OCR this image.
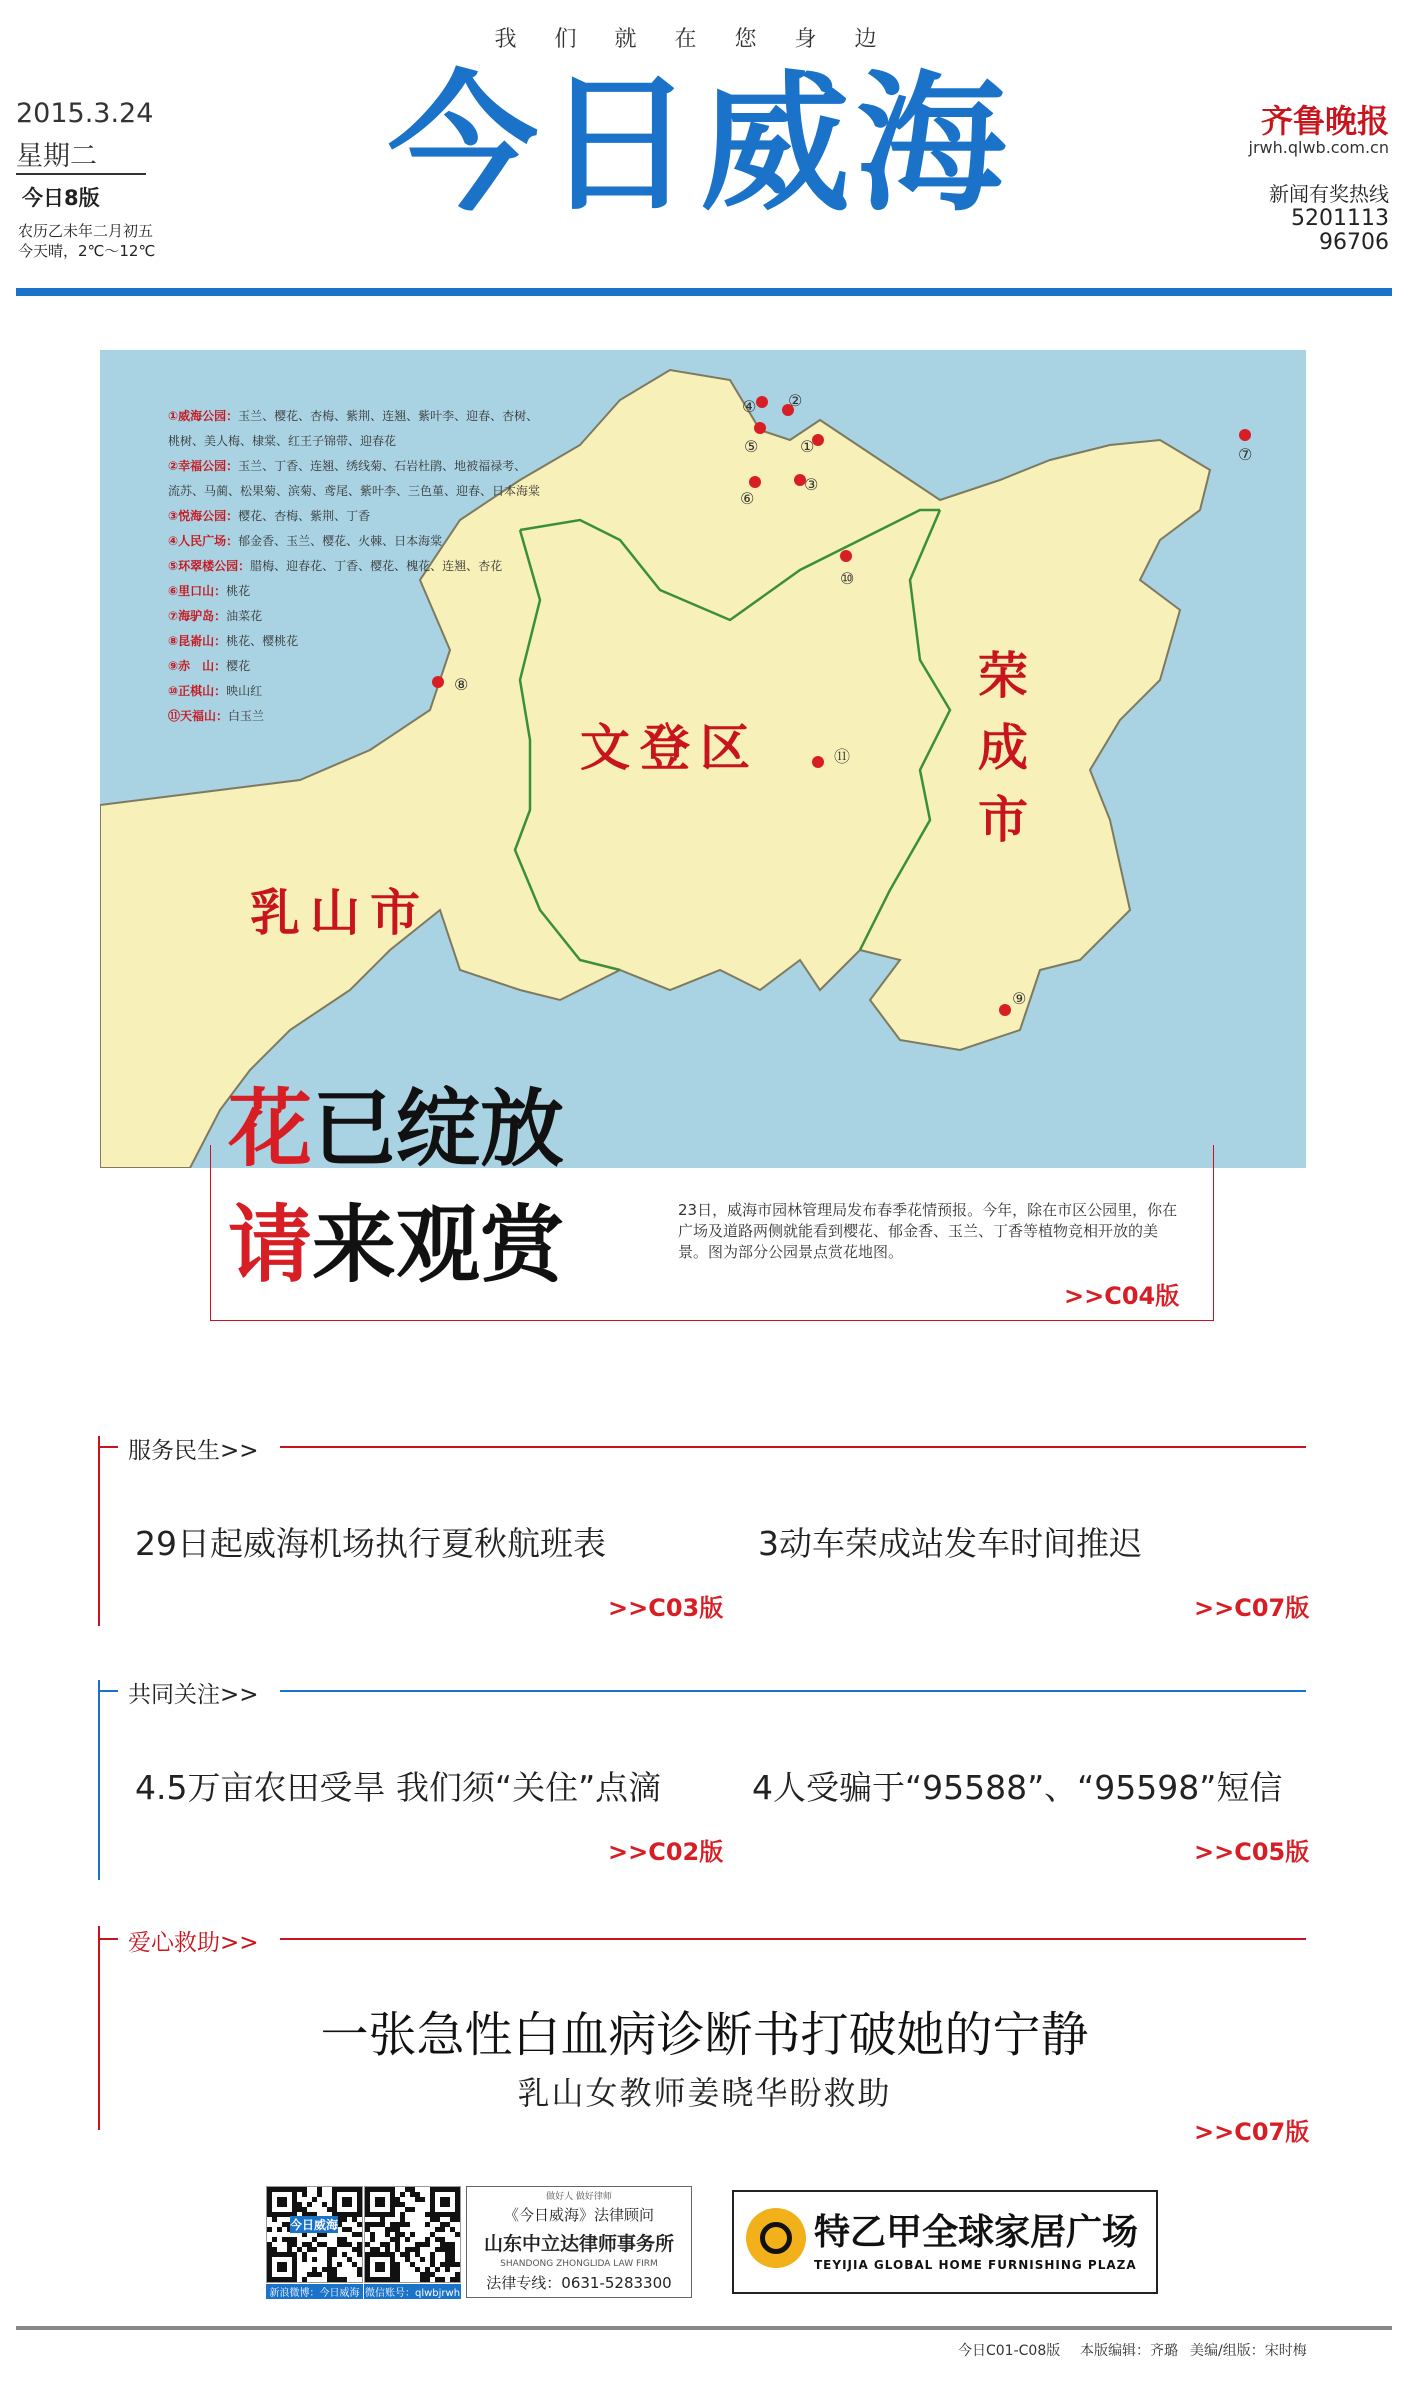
我们就在您身边
今日威海
2015.3.24
星期二
今日8版
农历乙未年二月初五
今天晴，2℃～12℃
齐鲁晚报
jrwh.qlwb.com.cn
新闻有奖热线
5201113
96706
①威海公园：玉兰、樱花、杏梅、紫荆、连翘、紫叶李、迎春、杏树、
桃树、美人梅、棣棠、红王子锦带、迎春花
②幸福公园：玉兰、丁香、连翘、绣线菊、石岩杜鹃、地被福禄考、
流苏、马蔺、松果菊、滨菊、鸢尾、紫叶李、三色堇、迎春、日本海棠
③悦海公园：樱花、杏梅、紫荆、丁香
④人民广场：郁金香、玉兰、樱花、火棘、日本海棠
⑤环翠楼公园：腊梅、迎春花、丁香、樱花、槐花、连翘、杏花
⑥里口山：桃花
⑦海驴岛：油菜花
⑧昆嵛山：桃花、樱桃花
⑨赤　山：樱花
⑩正棋山：映山红
⑪天福山：白玉兰
④ ②
①
⑤
③
⑥
⑩
⑦
⑧
⑪
⑨
文登区
乳山市
荣
成
市
花已绽放
请来观赏	23日，威海市园林管理局发布春季花情预报。今年，除在市区公园里，你在广场及道路两侧就能看到樱花、郁金香、玉兰、丁香等植物竞相开放的美景。图为部分公园景点赏花地图。
>>C04版
服务民生>>
29日起威海机场执行夏秋航班表	3动车荣成站发车时间推迟
>>C03版	>>C07版
共同关注>>
4.5万亩农田受旱 我们须“关住”点滴	4人受骗于“95588”、“95598”短信
>>C02版	>>C05版
爱心救助>>
一张急性白血病诊断书打破她的宁静
乳山女教师姜晓华盼救助
>>C07版
新浪微博：今日威海
今日威海
微信账号：qlwbjrwh
做好人 做好律师
《今日威海》法律顾问
山东中立达律师事务所
SHANDONG ZHONGLIDA LAW FIRM
法律专线：0631-5283300
特乙甲全球家居广场
TEYIJIA GLOBAL HOME FURNISHING PLAZA
今日C01-C08版 本版编辑：齐璐 美编/组版：宋时梅
